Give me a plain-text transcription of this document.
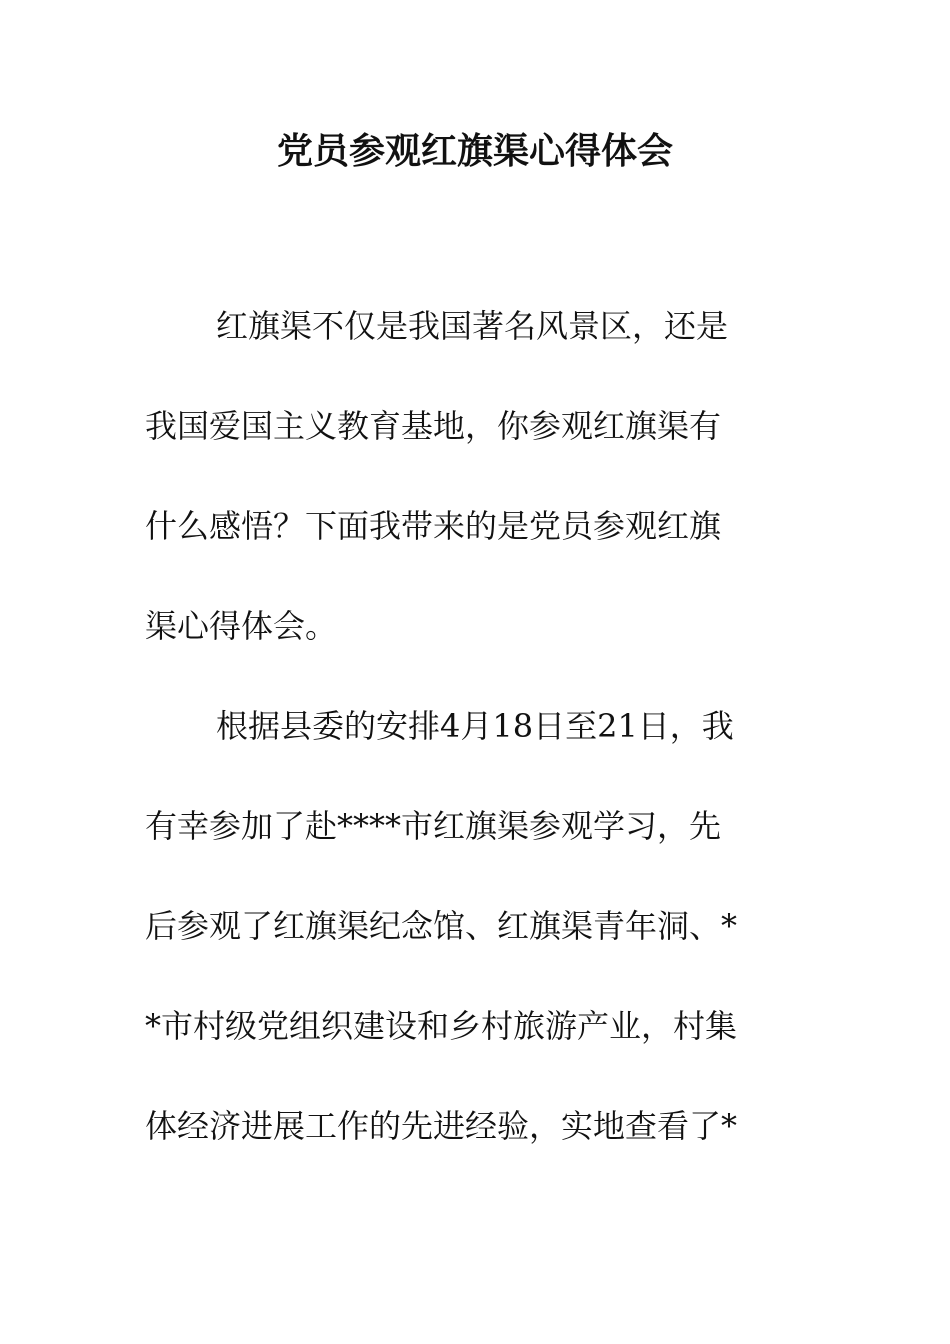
党员参观红旗渠心得体会
红旗渠不仅是我国著名风景区，还是
我国爱国主义教育基地，你参观红旗渠有
什么感悟？下面我带来的是党员参观红旗
渠心得体会。
根据县委的安排4月18日至21日，我
有幸参加了赴****市红旗渠参观学习，先
后参观了红旗渠纪念馆、红旗渠青年洞、*
*市村级党组织建设和乡村旅游产业，村集
体经济进展工作的先进经验，实地查看了*
